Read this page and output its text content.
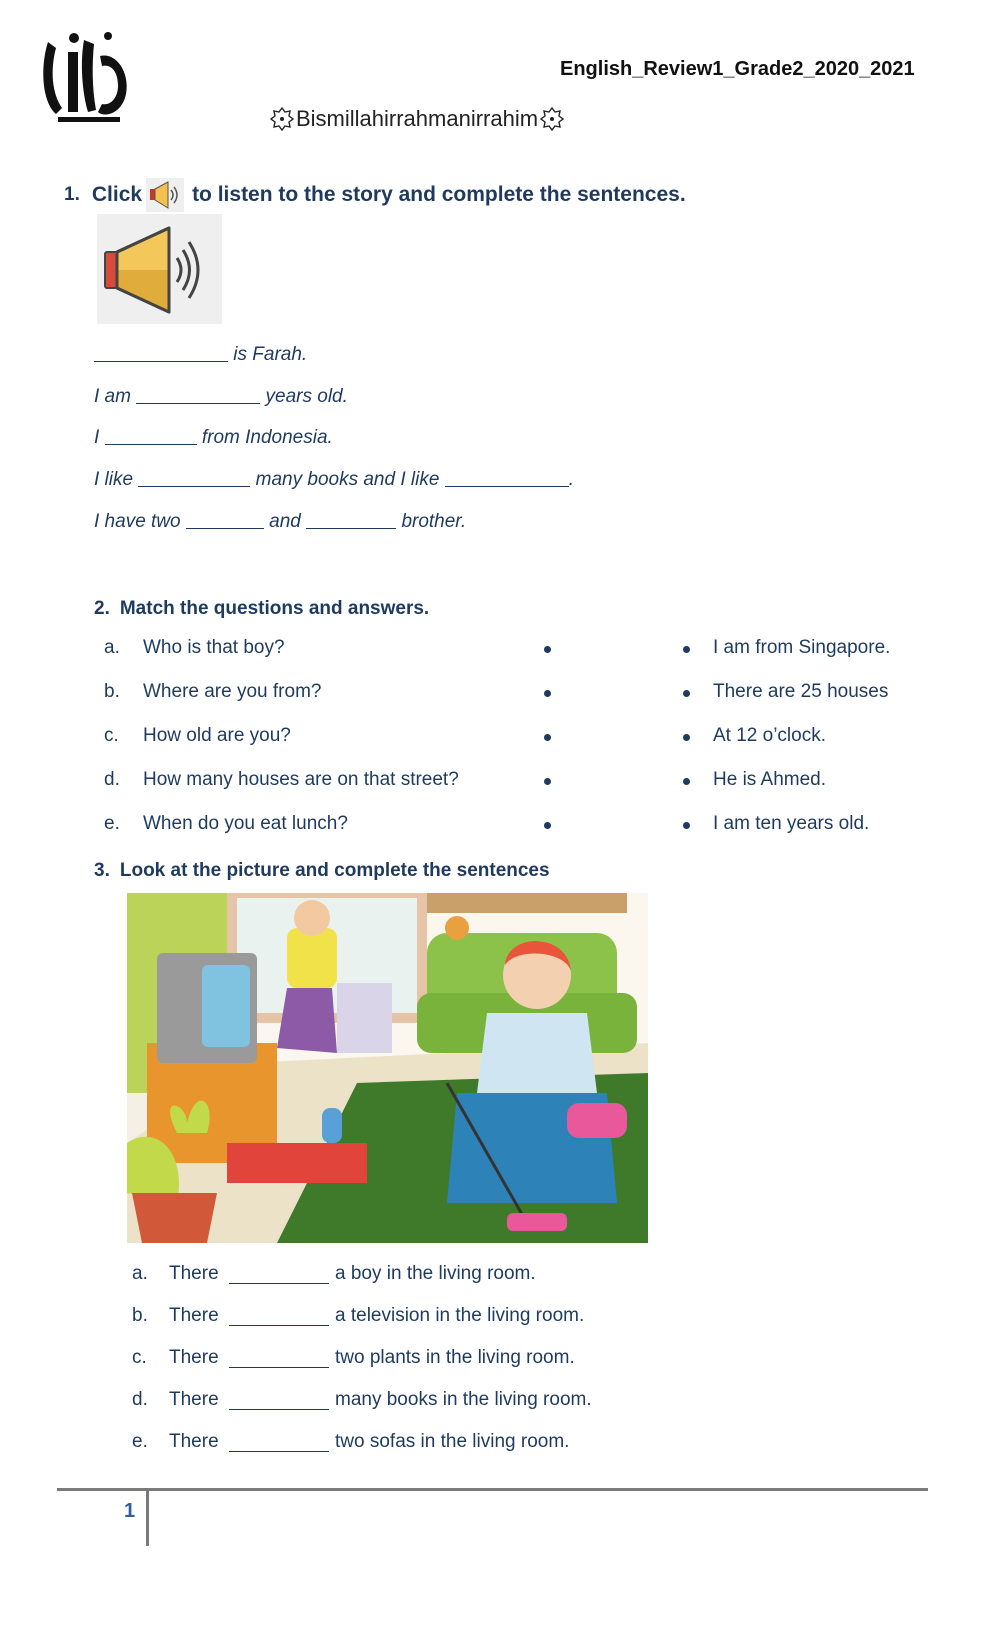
English_Review1_Grade2_2020_2021
Bismillahirrahmanirrahim
1. Click to listen to the story and complete the sentences.
is Farah.
I am	years old.
I	from Indonesia.
I like	many books and I like	.
I have two	and	brother.
2. Match the questions and answers.
a. Who is that boy?	I am from Singapore.
b. Where are you from?	There are 25 houses
c. How old are you?	At 12 o’clock.
d. How many houses are on that street?	He is Ahmed.
e. When do you eat lunch?	I am ten years old.
3. Look at the picture and complete the sentences
a. There	a boy in the living room.
b. There	a television in the living room.
c. There	two plants in the living room.
d. There	many books in the living room.
e. There	two sofas in the living room.
1
